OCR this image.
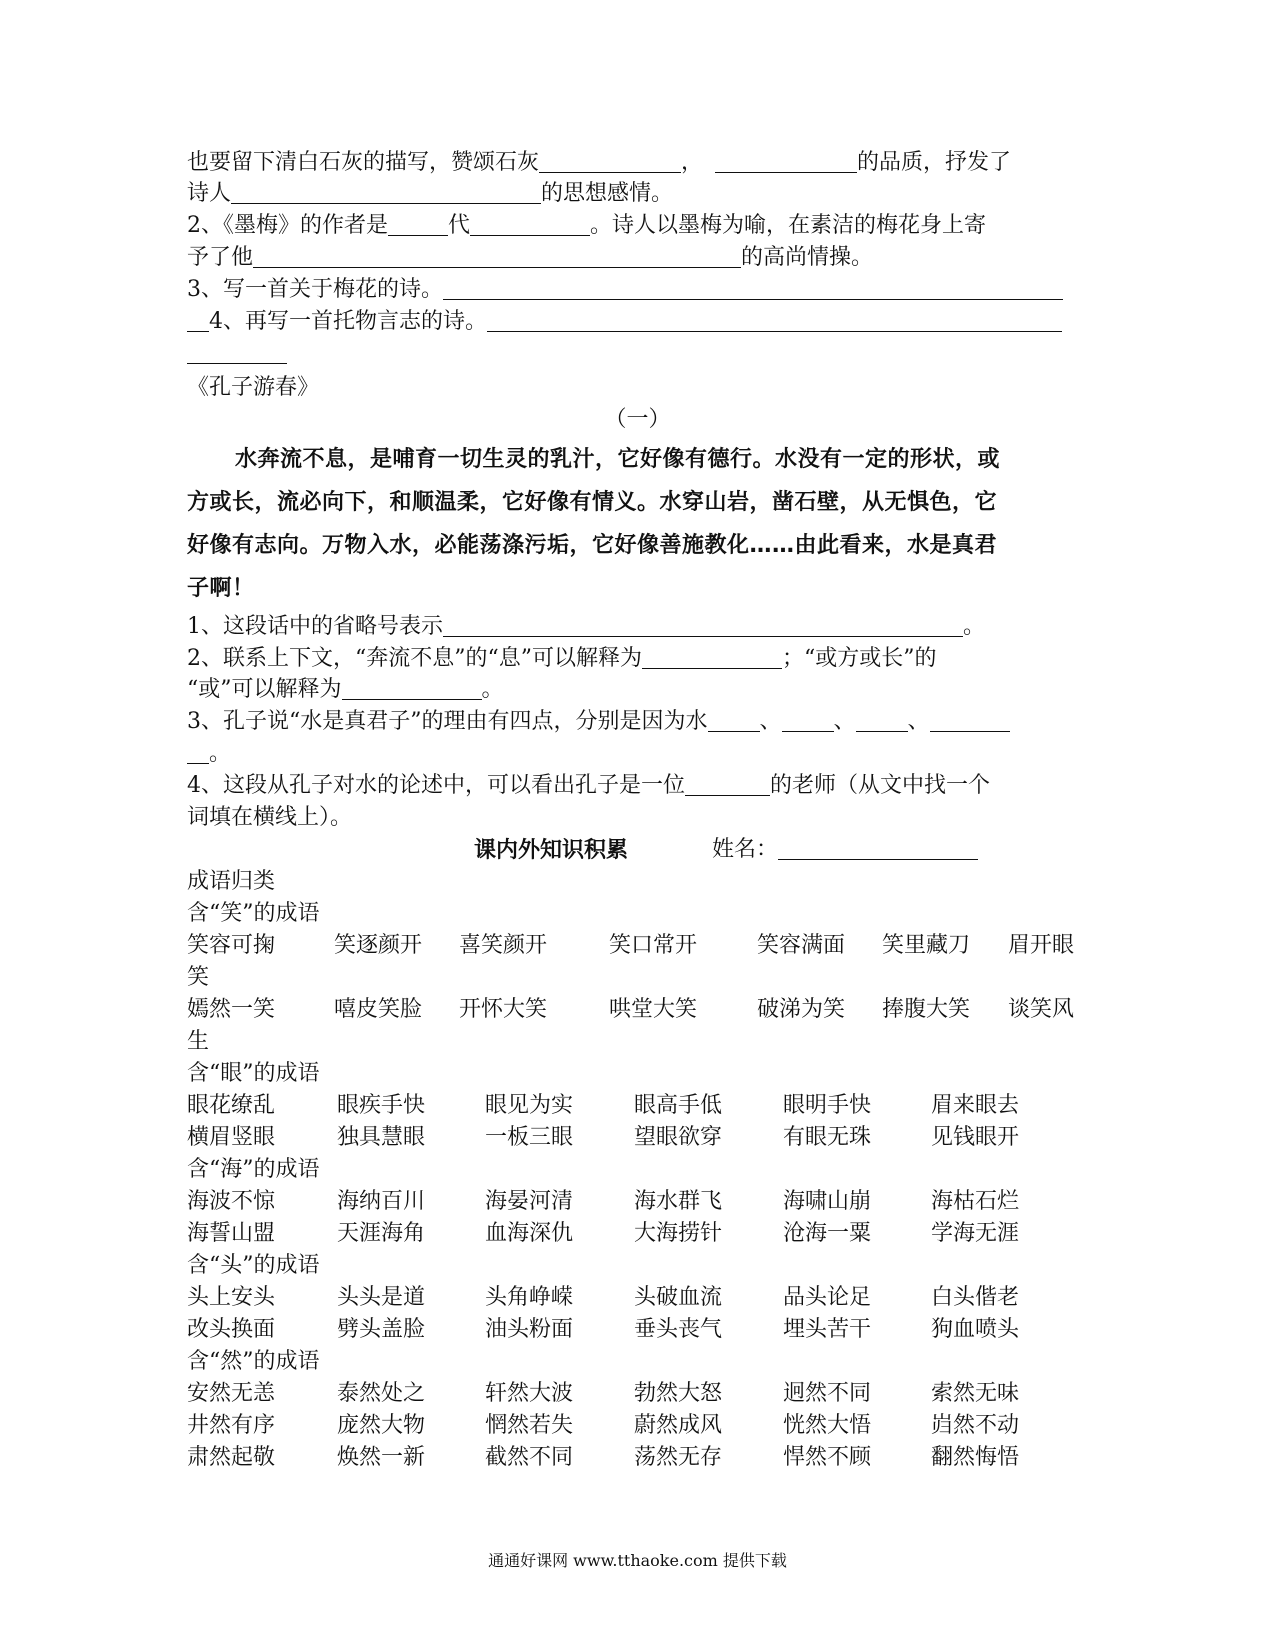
也要留下清白石灰的描写，赞颂石灰	，	的品质，抒发了
诗人	的思想感情。
2、《墨梅》的作者是	代	。诗人以墨梅为喻，在素洁的梅花身上寄
予了他	的高尚情操。
3、写一首关于梅花的诗。
4、再写一首托物言志的诗。
《孔子游春》
（一）
水奔流不息，是哺育一切生灵的乳汁，它好像有德行。水没有一定的形状，或
方或长，流必向下，和顺温柔，它好像有情义。水穿山岩，凿石壁，从无惧色，它
好像有志向。万物入水，必能荡涤污垢，它好像善施教化……由此看来，水是真君
子啊！
1、这段话中的省略号表示	。
2、联系上下文，“奔流不息”的“息”可以解释为	；“或方或长”的
“或”可以解释为	。
3、孔子说“水是真君子”的理由有四点，分别是因为水 、 、 、
。
4、这段从孔子对水的论述中，可以看出孔子是一位	的老师（从文中找一个
词填在横线上）。
课内外知识积累	姓名：
成语归类
含“笑”的成语
笑容可掬	笑逐颜开 喜笑颜开	笑口常开	笑容满面 笑里藏刀 眉开眼
笑
嫣然一笑	嘻皮笑脸 开怀大笑	哄堂大笑	破涕为笑 捧腹大笑 谈笑风
生
含“眼”的成语
眼花缭乱	眼疾手快	眼见为实	眼高手低	眼明手快	眉来眼去
横眉竖眼	独具慧眼	一板三眼	望眼欲穿	有眼无珠	见钱眼开
含“海”的成语
海波不惊	海纳百川	海晏河清	海水群飞	海啸山崩	海枯石烂
海誓山盟	天涯海角	血海深仇	大海捞针	沧海一粟	学海无涯
含“头”的成语
头上安头	头头是道	头角峥嵘	头破血流	品头论足	白头偕老
改头换面	劈头盖脸	油头粉面	垂头丧气	埋头苦干	狗血喷头
含“然”的成语
安然无恙	泰然处之	轩然大波	勃然大怒	迥然不同	索然无味
井然有序	庞然大物	惘然若失	蔚然成风	恍然大悟	岿然不动
肃然起敬	焕然一新	截然不同	荡然无存	悍然不顾	翻然悔悟
通通好课网 www.tthaoke.com 提供下载
